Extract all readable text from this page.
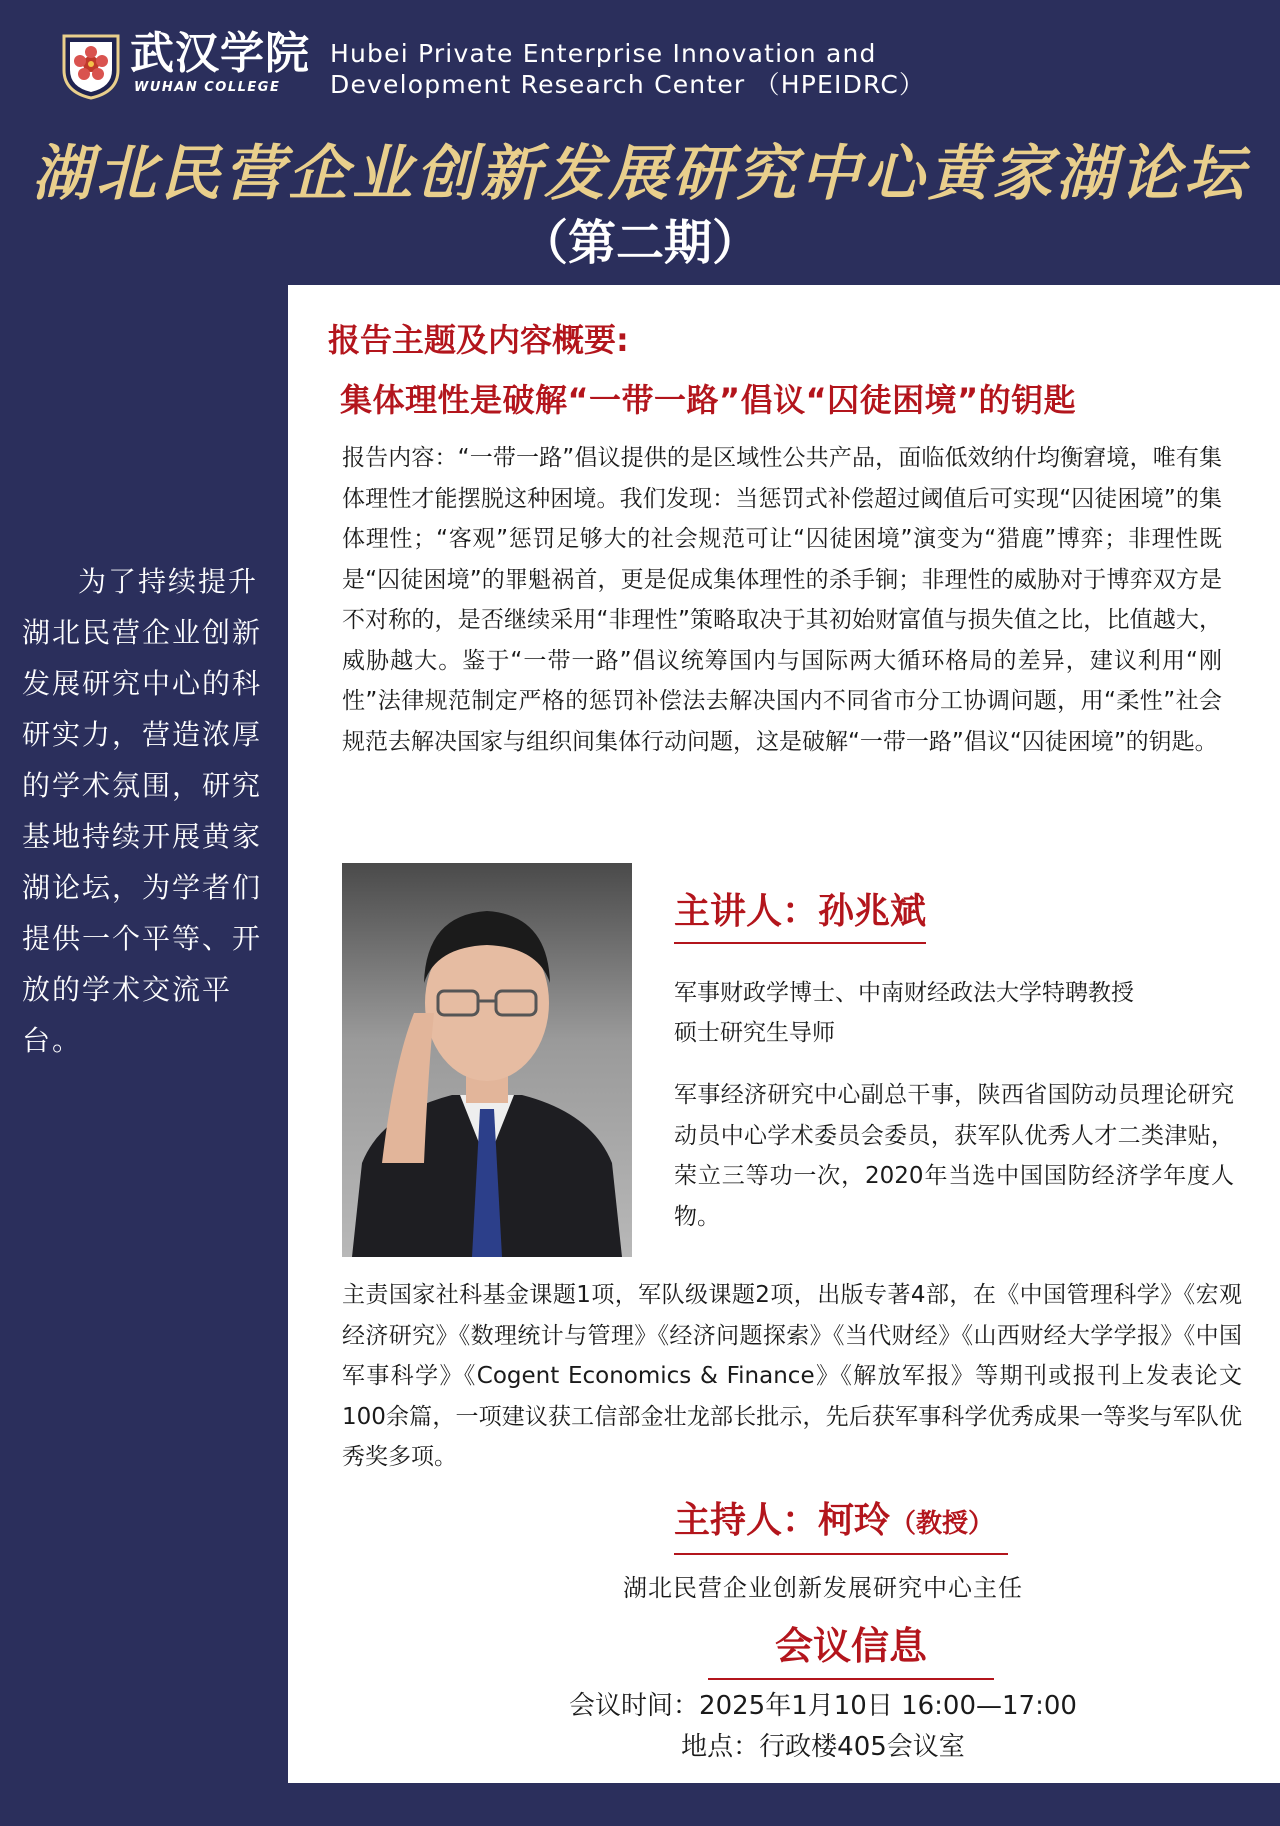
武汉学院
WUHAN COLLEGE
Hubei Private Enterprise Innovation and
Development Research Center （HPEIDRC）
湖北民营企业创新发展研究中心黄家湖论坛
（第二期）
为了持续提升湖北民营企业创新发展研究中心的科研实力，营造浓厚的学术氛围，研究基地持续开展黄家湖论坛，为学者们提供一个平等、开放的学术交流平台。
报告主题及内容概要:
集体理性是破解“一带一路”倡议“囚徒困境”的钥匙
报告内容：“一带一路”倡议提供的是区域性公共产品，面临低效纳什均衡窘境，唯有集体理性才能摆脱这种困境。我们发现：当惩罚式补偿超过阈值后可实现“囚徒困境”的集体理性；“客观”惩罚足够大的社会规范可让“囚徒困境”演变为“猎鹿”博弈；非理性既是“囚徒困境”的罪魁祸首，更是促成集体理性的杀手锏；非理性的威胁对于博弈双方是不对称的，是否继续采用“非理性”策略取决于其初始财富值与损失值之比，比值越大，威胁越大。鉴于“一带一路”倡议统筹国内与国际两大循环格局的差异，建议利用“刚性”法律规范制定严格的惩罚补偿法去解决国内不同省市分工协调问题，用“柔性”社会规范去解决国家与组织间集体行动问题，这是破解“一带一路”倡议“囚徒困境”的钥匙。
主讲人：孙兆斌
军事财政学博士、中南财经政法大学特聘教授
硕士研究生导师
军事经济研究中心副总干事，陕西省国防动员理论研究动员中心学术委员会委员，获军队优秀人才二类津贴，荣立三等功一次，2020年当选中国国防经济学年度人物。
主责国家社科基金课题1项，军队级课题2项，出版专著4部，在《中国管理科学》《宏观经济研究》《数理统计与管理》《经济问题探索》《当代财经》《山西财经大学学报》《中国军事科学》《Cogent Economics & Finance》《解放军报》等期刊或报刊上发表论文100余篇，一项建议获工信部金壮龙部长批示，先后获军事科学优秀成果一等奖与军队优秀奖多项。
主持人：柯玲（教授）
湖北民营企业创新发展研究中心主任
会议信息
会议时间：2025年1月10日 16:00—17:00
地点：行政楼405会议室
